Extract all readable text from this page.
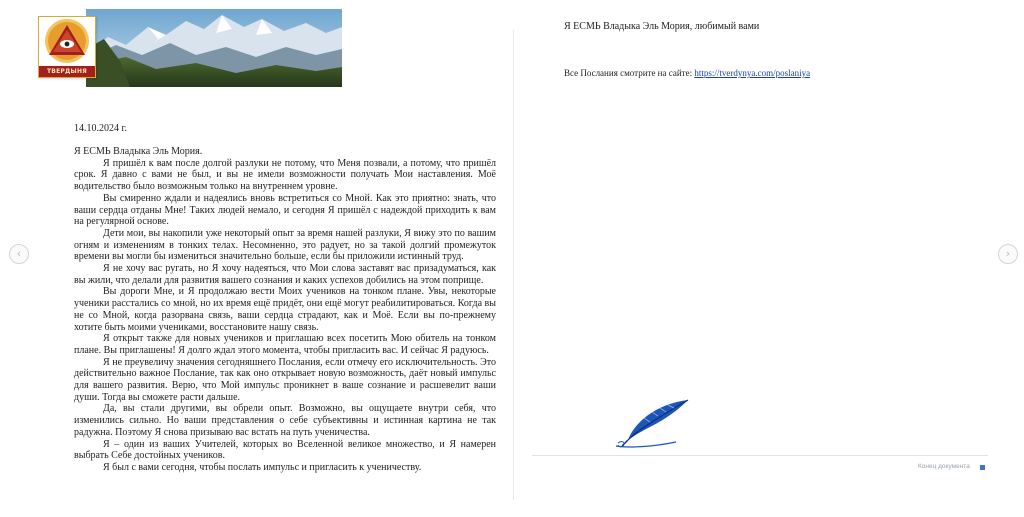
‹	›
ТВЕРДЫНЯ
14.10.2024 г.

Я ЕСМЬ Владыка Эль Мория.

Я пришёл к вам после долгой разлуки не потому, что Меня позвали, а потому, что пришёл срок. Я давно с вами не был, и вы не имели возможности получать Мои наставления. Моё водительство было возможным только на внутреннем уровне.

Вы смиренно ждали и надеялись вновь встретиться со Мной. Как это приятно: знать, что ваши сердца отданы Мне! Таких людей немало, и сегодня Я пришёл с надеждой приходить к вам на регулярной основе.

Дети мои, вы накопили уже некоторый опыт за время нашей разлуки, Я вижу это по вашим огням и изменениям в тонких телах. Несомненно, это радует, но за такой долгий промежуток времени вы могли бы измениться значительно больше, если бы приложили истинный труд.

Я не хочу вас ругать, но Я хочу надеяться, что Мои слова заставят вас призадуматься, как вы жили, что делали для развития вашего сознания и каких успехов добились на этом поприще.

Вы дороги Мне, и Я продолжаю вести Моих учеников на тонком плане. Увы, некоторые ученики расстались со мной, но их время ещё придёт, они ещё могут реабилитироваться. Когда вы не со Мной, когда разорвана связь, ваши сердца страдают, как и Моё. Если вы по-прежнему хотите быть моими учениками, восстановите нашу связь.

Я открыт также для новых учеников и приглашаю всех посетить Мою обитель на тонком плане. Вы приглашены! Я долго ждал этого момента, чтобы пригласить вас. И сейчас Я радуюсь.

Я не преувеличу значения сегодняшнего Послания, если отмечу его исключительность. Это действительно важное Послание, так как оно открывает новую возможность, даёт новый импульс для вашего развития. Верю, что Мой импульс проникнет в ваше сознание и расшевелит ваши души. Тогда вы сможете расти дальше.

Да, вы стали другими, вы обрели опыт. Возможно, вы ощущаете внутри себя, что изменились сильно. Но ваши представления о себе субъективны и истинная картина не так радужна. Поэтому Я снова призываю вас встать на путь ученичества.

Я – один из ваших Учителей, которых во Вселенной великое множество, и Я намерен выбрать Себе достойных учеников.

Я был с вами сегодня, чтобы послать импульс и пригласить к ученичеству.

Я ЕСМЬ Владыка Эль Мория, любимый вами
Все Послания смотрите на сайте: https://tverdynya.com/poslaniya
Конец документа
